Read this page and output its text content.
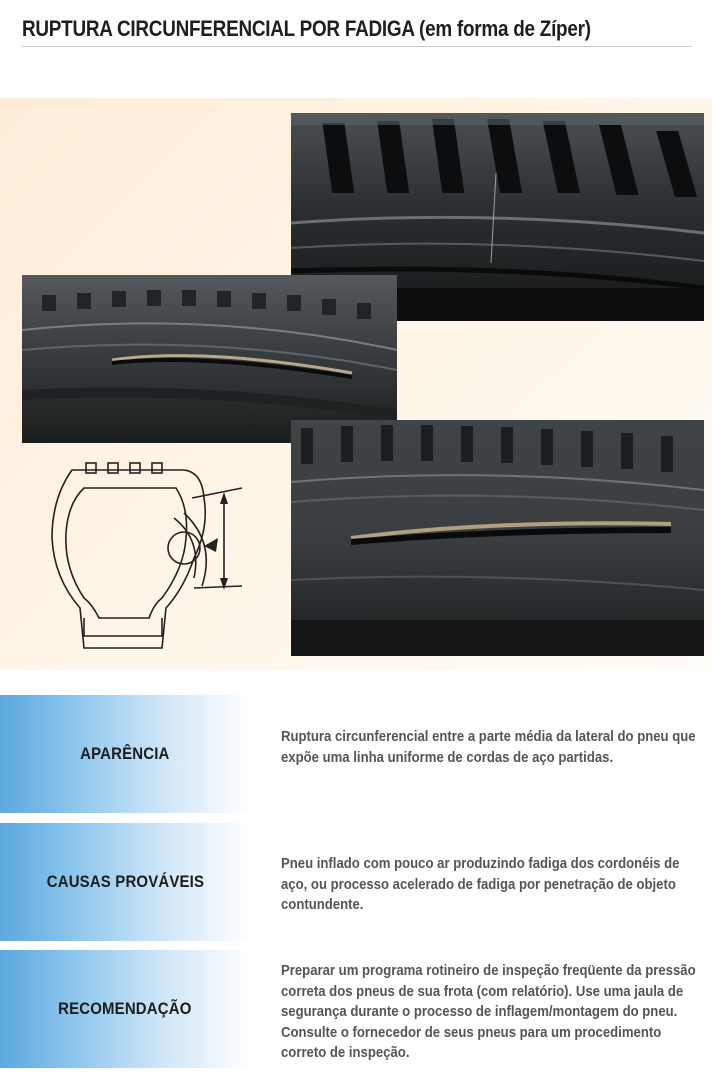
RUPTURA CIRCUNFERENCIAL POR FADIGA (em forma de Zíper)
APARÊNCIA
Ruptura circunferencial entre a parte média da lateral do pneu que expõe uma linha uniforme de cordas de aço partidas.
CAUSAS PROVÁVEIS
Pneu inflado com pouco ar produzindo fadiga dos cordonéis de aço, ou processo acelerado de fadiga por penetração de objeto contundente.
RECOMENDAÇÃO
Preparar um programa rotineiro de inspeção freqüente da pressão correta dos pneus de sua frota (com relatório). Use uma jaula de segurança durante o processo de inflagem/montagem do pneu. Consulte o fornecedor de seus pneus para um procedimento correto de inspeção.
